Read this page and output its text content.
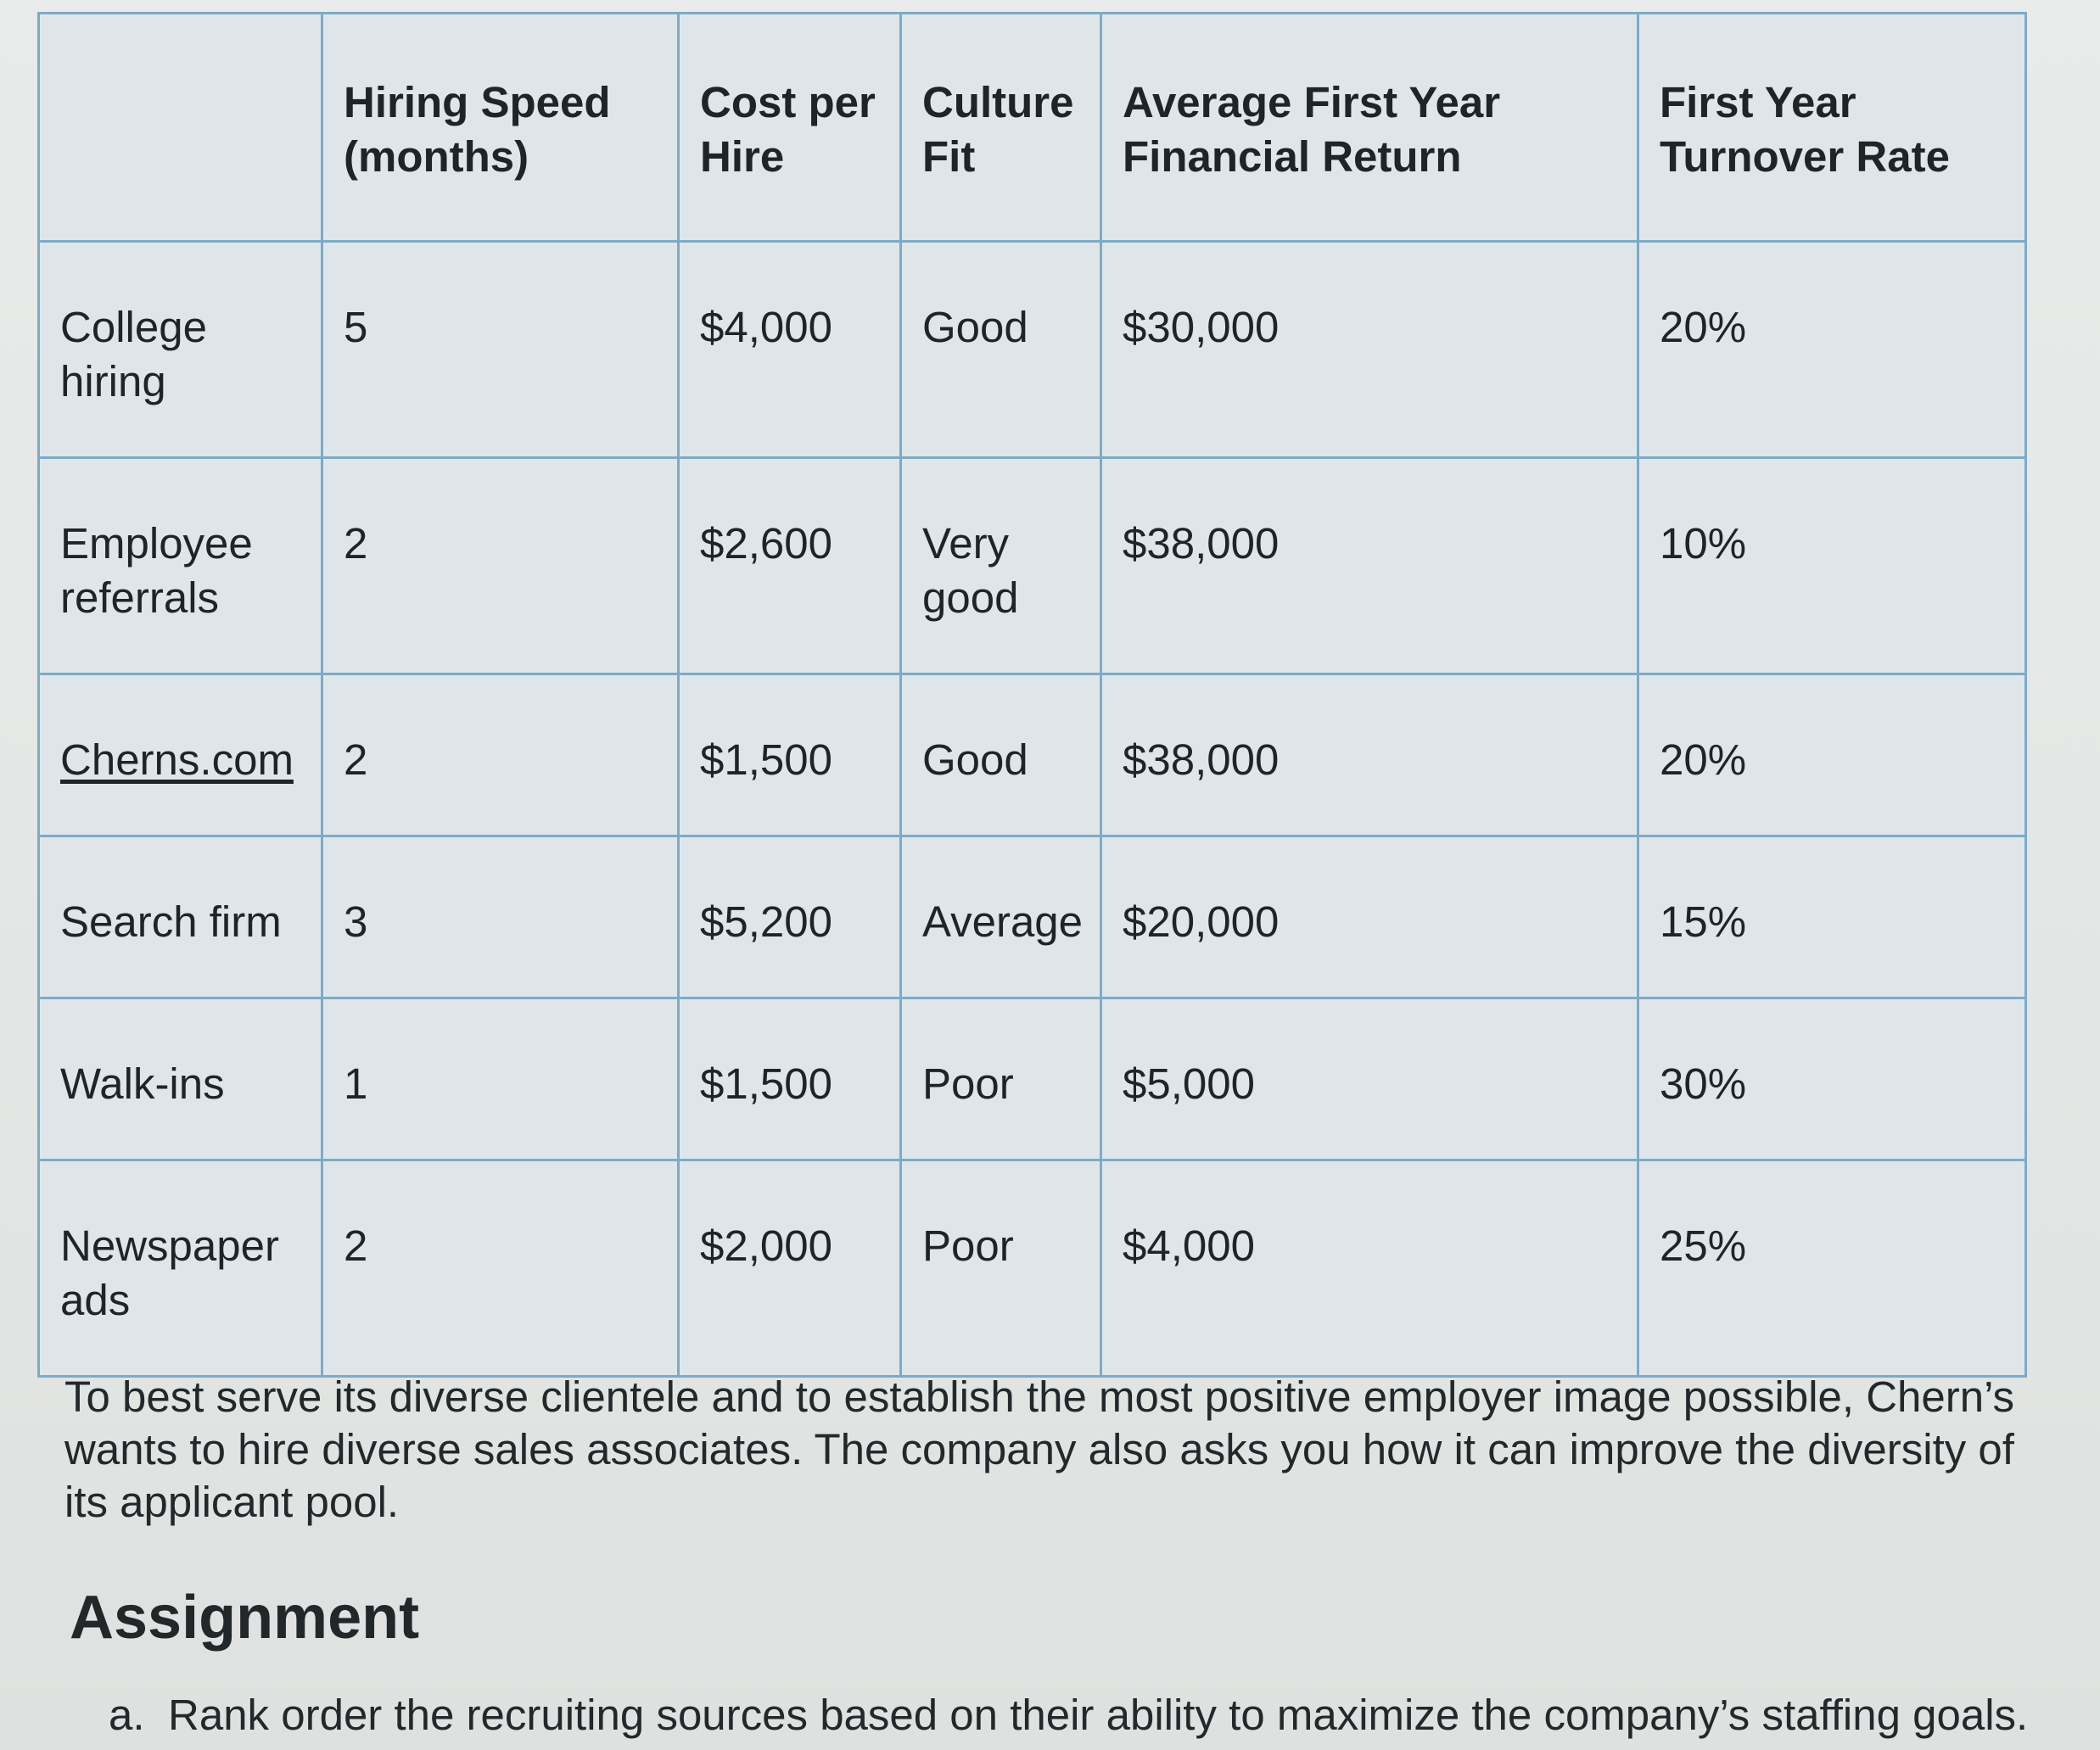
	Hiring Speed (months)	Cost per Hire	Culture Fit	Average First Year Financial Return	First Year Turnover Rate
College hiring	5	$4,000	Good	$30,000	20%
Employee referrals	2	$2,600	Very good	$38,000	10%
Cherns.com	2	$1,500	Good	$38,000	20%
Search firm	3	$5,200	Average	$20,000	15%
Walk-ins	1	$1,500	Poor	$5,000	30%
Newspaper ads	2	$2,000	Poor	$4,000	25%

To best serve its diverse clientele and to establish the most positive employer image possible, Chern’s wants to hire diverse sales associates. The company also asks you how it can improve the diversity of its applicant pool.

Assignment
a. Rank order the recruiting sources based on their ability to maximize the company’s staffing goals.
